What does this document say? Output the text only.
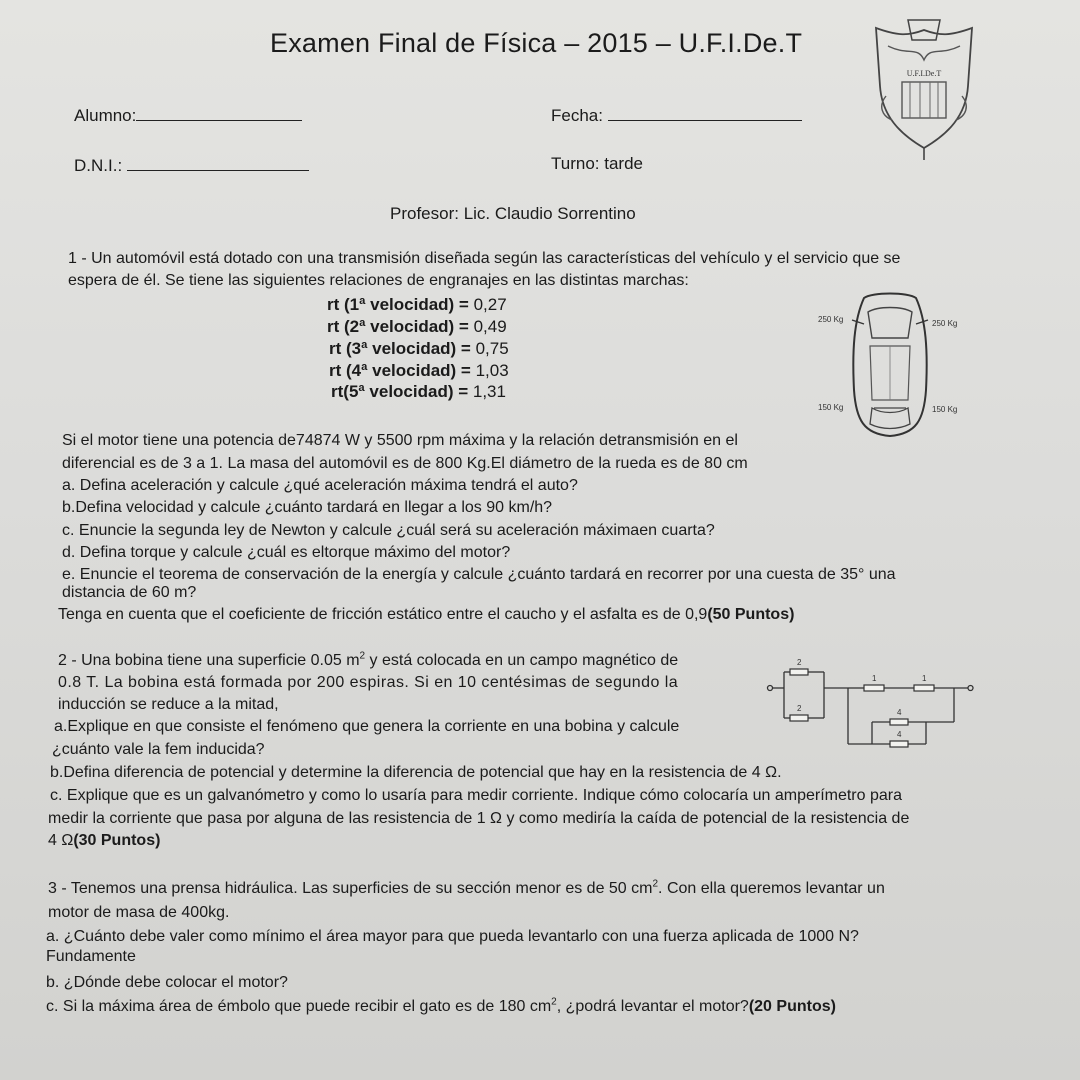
Examen Final de Física – 2015 – U.F.I.De.T
Alumno:	Fecha:
D.N.I.:	Turno: tarde
Profesor: Lic. Claudio Sorrentino
U.F.I.De.T
1 - Un automóvil está dotado con una transmisión diseñada según las características del vehículo y el servicio que se
espera de él. Se tiene las siguientes relaciones de engranajes en las distintas marchas:
rt (1ª velocidad) = 0,27
rt (2ª velocidad) = 0,49
rt (3ª velocidad) = 0,75
rt (4ª velocidad) = 1,03
rt(5ª velocidad) = 1,31
250 Kg	250 Kg
150 Kg	150 Kg
Si el motor tiene una potencia de74874 W y 5500 rpm máxima y la relación detransmisión en el
diferencial es de 3 a 1. La masa del automóvil es de 800 Kg.El diámetro de la rueda es de 80 cm
a. Defina aceleración y calcule ¿qué aceleración máxima tendrá el auto?
b.Defina velocidad y calcule ¿cuánto tardará en llegar a los 90 km/h?
c. Enuncie la segunda ley de Newton y calcule ¿cuál será su aceleración máximaen cuarta?
d. Defina torque y calcule ¿cuál es eltorque máximo del motor?
e. Enuncie el teorema de conservación de la energía y calcule ¿cuánto tardará en recorrer por una cuesta de 35° una
distancia de 60 m?
Tenga en cuenta que el coeficiente de fricción estático entre el caucho y el asfalta es de 0,9(50 Puntos)
2 - Una bobina tiene una superficie 0.05 $m^2$ y está colocada en un campo magnético de
0.8 T. La bobina está formada por 200 espiras. Si en 10 centésimas de segundo la
inducción se reduce a la mitad,
a.Explique en que consiste el fenómeno que genera la corriente en una bobina y calcule
¿cuánto vale la fem inducida?
b.Defina diferencia de potencial y determine la diferencia de potencial que hay en la resistencia de 4 Ω.
c. Explique que es un galvanómetro y como lo usaría para medir corriente. Indique cómo colocaría un amperímetro para
medir la corriente que pasa por alguna de las resistencia de 1 Ω y como mediría la caída de potencial de la resistencia de
4 Ω(30 Puntos)
2
2
1	1
4
4
3 - Tenemos una prensa hidráulica. Las superficies de su sección menor es de 50 $cm^2$. Con ella queremos levantar un
motor de masa de 400kg.
a. ¿Cuánto debe valer como mínimo el área mayor para que pueda levantarlo con una fuerza aplicada de 1000 N?
Fundamente
b. ¿Dónde debe colocar el motor?
c. Si la máxima área de émbolo que puede recibir el gato es de 180 $cm^2$, ¿podrá levantar el motor?(20 Puntos)
